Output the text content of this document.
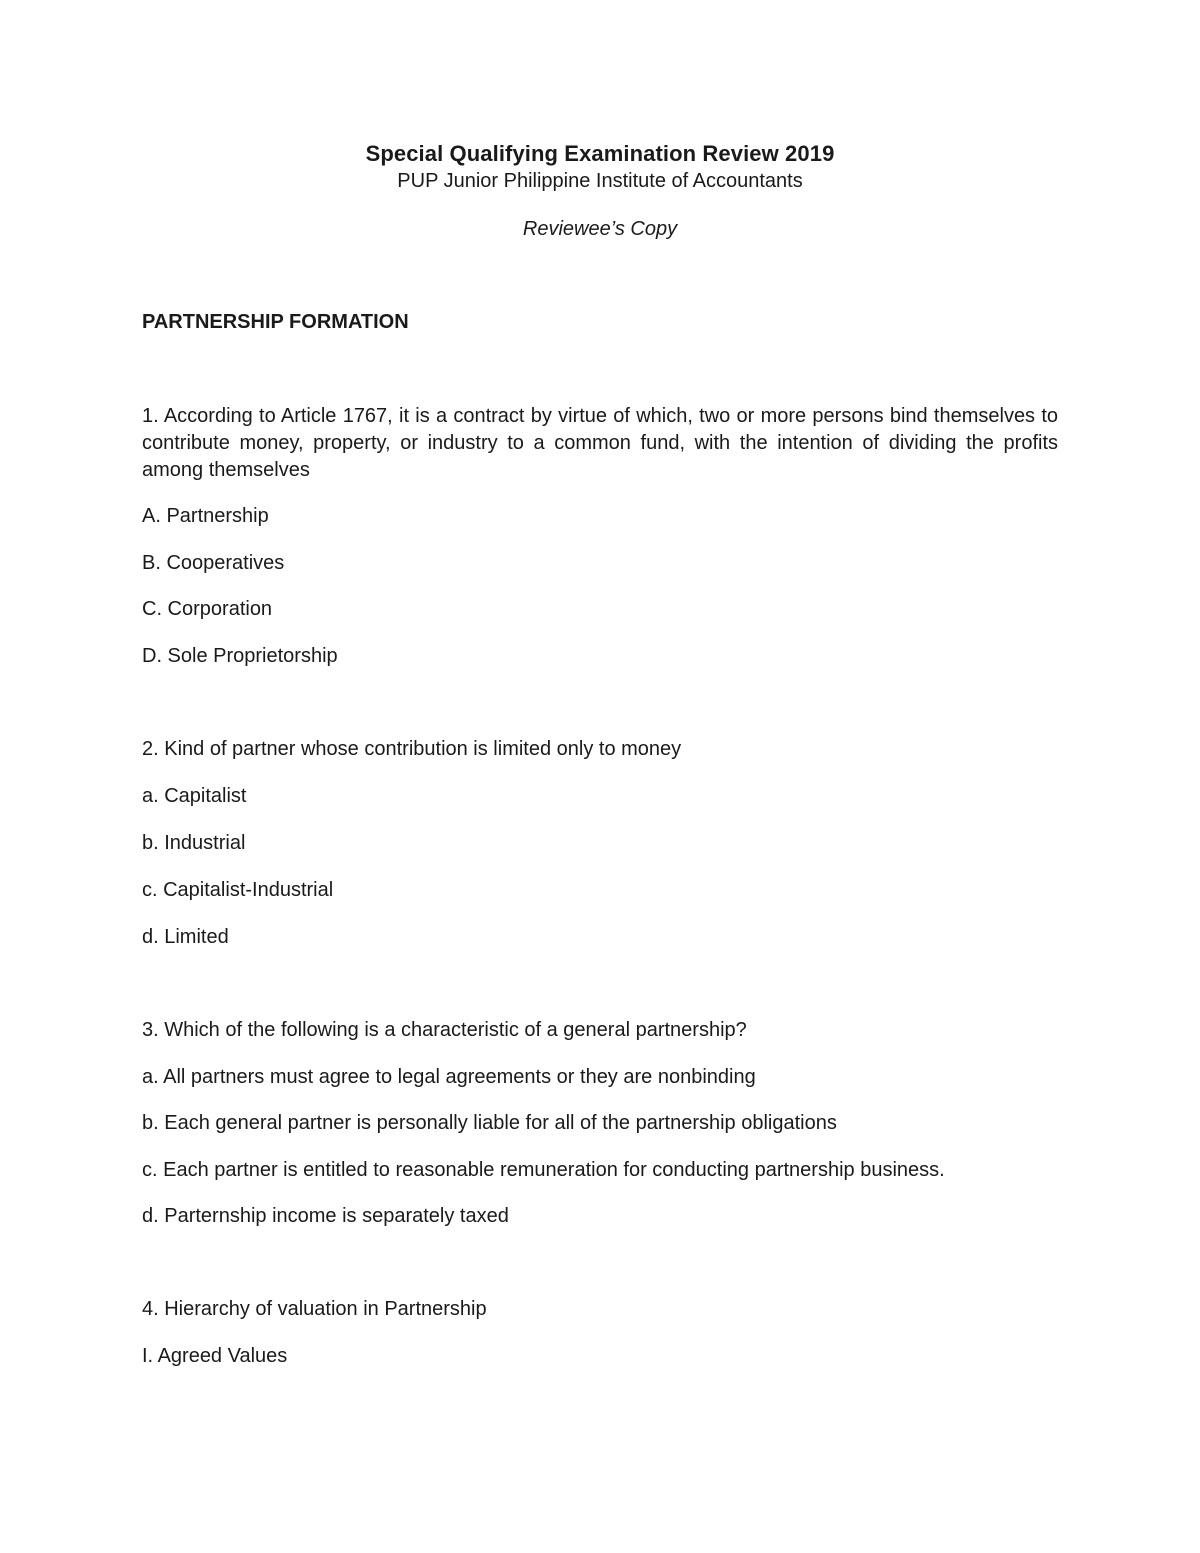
Special Qualifying Examination Review 2019
PUP Junior Philippine Institute of Accountants
Reviewee’s Copy
PARTNERSHIP FORMATION
1. According to Article 1767, it is a contract by virtue of which, two or more persons bind themselves to contribute money, property, or industry to a common fund, with the intention of dividing the profits among themselves
A. Partnership
B. Cooperatives
C. Corporation
D. Sole Proprietorship
2. Kind of partner whose contribution is limited only to money
a. Capitalist
b. Industrial
c. Capitalist-Industrial
d. Limited
3. Which of the following is a characteristic of a general partnership?
a. All partners must agree to legal agreements or they are nonbinding
b. Each general partner is personally liable for all of the partnership obligations
c. Each partner is entitled to reasonable remuneration for conducting partnership business.
d. Parternship income is separately taxed
4. Hierarchy of valuation in Partnership
I. Agreed Values
